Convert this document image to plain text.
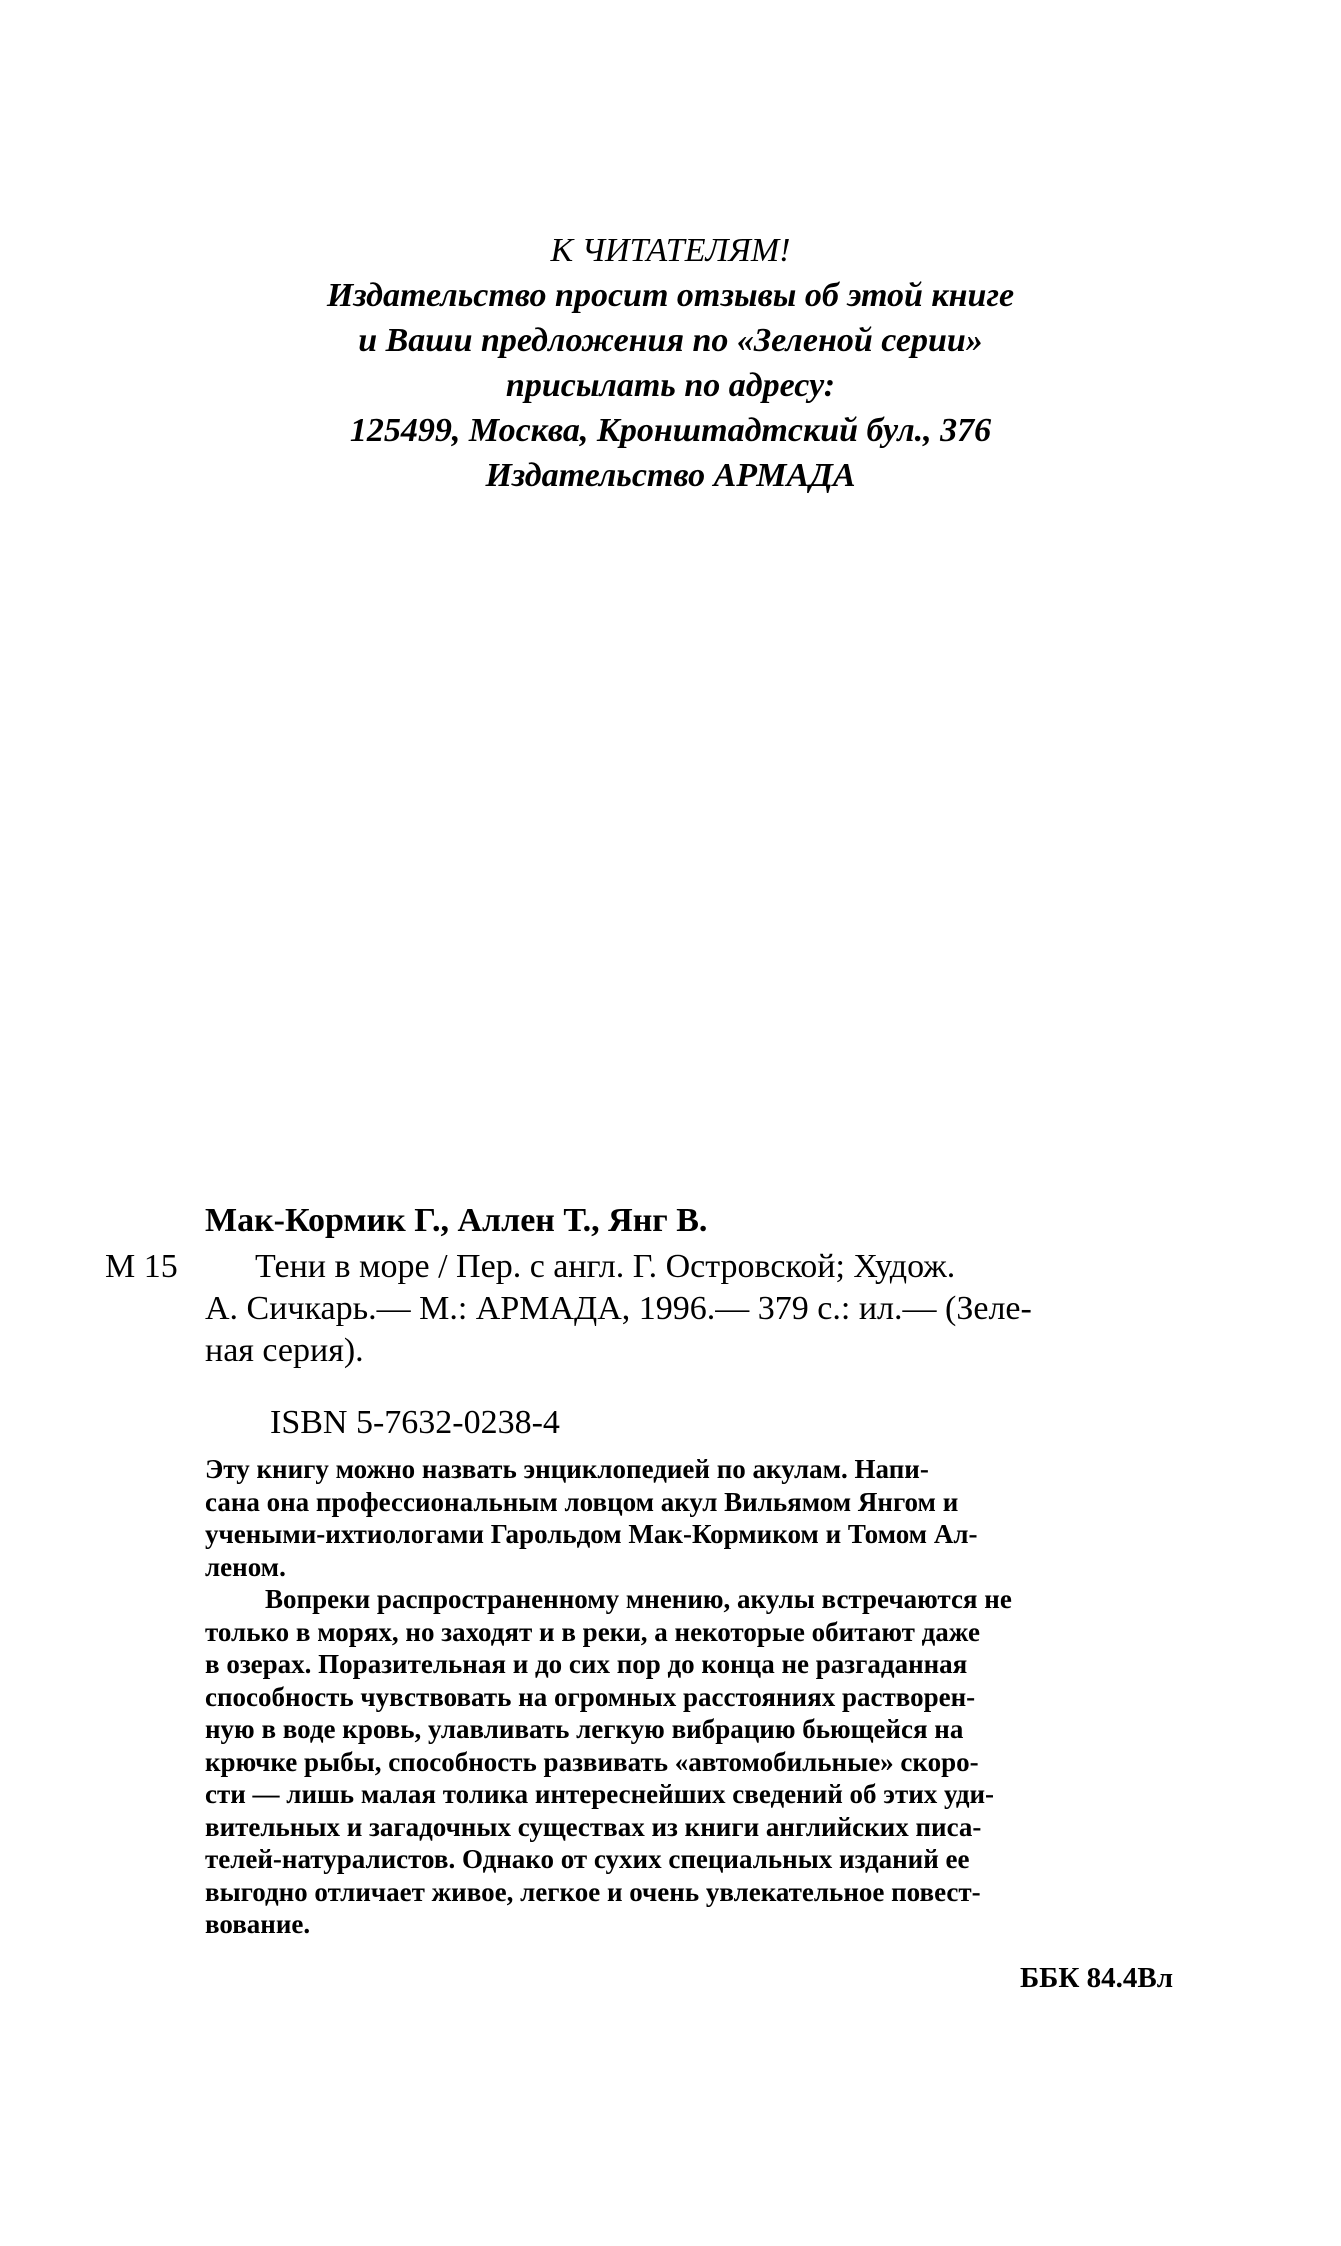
К ЧИТАТЕЛЯМ!
Издательство просит отзывы об этой книге
и Ваши предложения по «Зеленой серии»
присылать по адресу:
125499, Москва, Кронштадтский бул., 376
Издательство АРМАДА
Мак-Кормик Г., Аллен Т., Янг В.
М 15	Тени в море / Пер. с англ. Г. Островской; Худож.
А. Сичкарь.— М.: АРМАДА, 1996.— 379 с.: ил.— (Зеле-
ная серия).
ISBN 5-7632-0238-4
Эту книгу можно назвать энциклопедией по акулам. Напи-
сана она профессиональным ловцом акул Вильямом Янгом и
учеными-ихтиологами Гарольдом Мак-Кормиком и Томом Ал-
леном.
Вопреки распространенному мнению, акулы встречаются не
только в морях, но заходят и в реки, а некоторые обитают даже
в озерах. Поразительная и до сих пор до конца не разгаданная
способность чувствовать на огромных расстояниях растворен-
ную в воде кровь, улавливать легкую вибрацию бьющейся на
крючке рыбы, способность развивать «автомобильные» скоро-
сти — лишь малая толика интереснейших сведений об этих уди-
вительных и загадочных существах из книги английских писа-
телей-натуралистов. Однако от сухих специальных изданий ее
выгодно отличает живое, легкое и очень увлекательное повест-
вование.
ББК 84.4Вл
